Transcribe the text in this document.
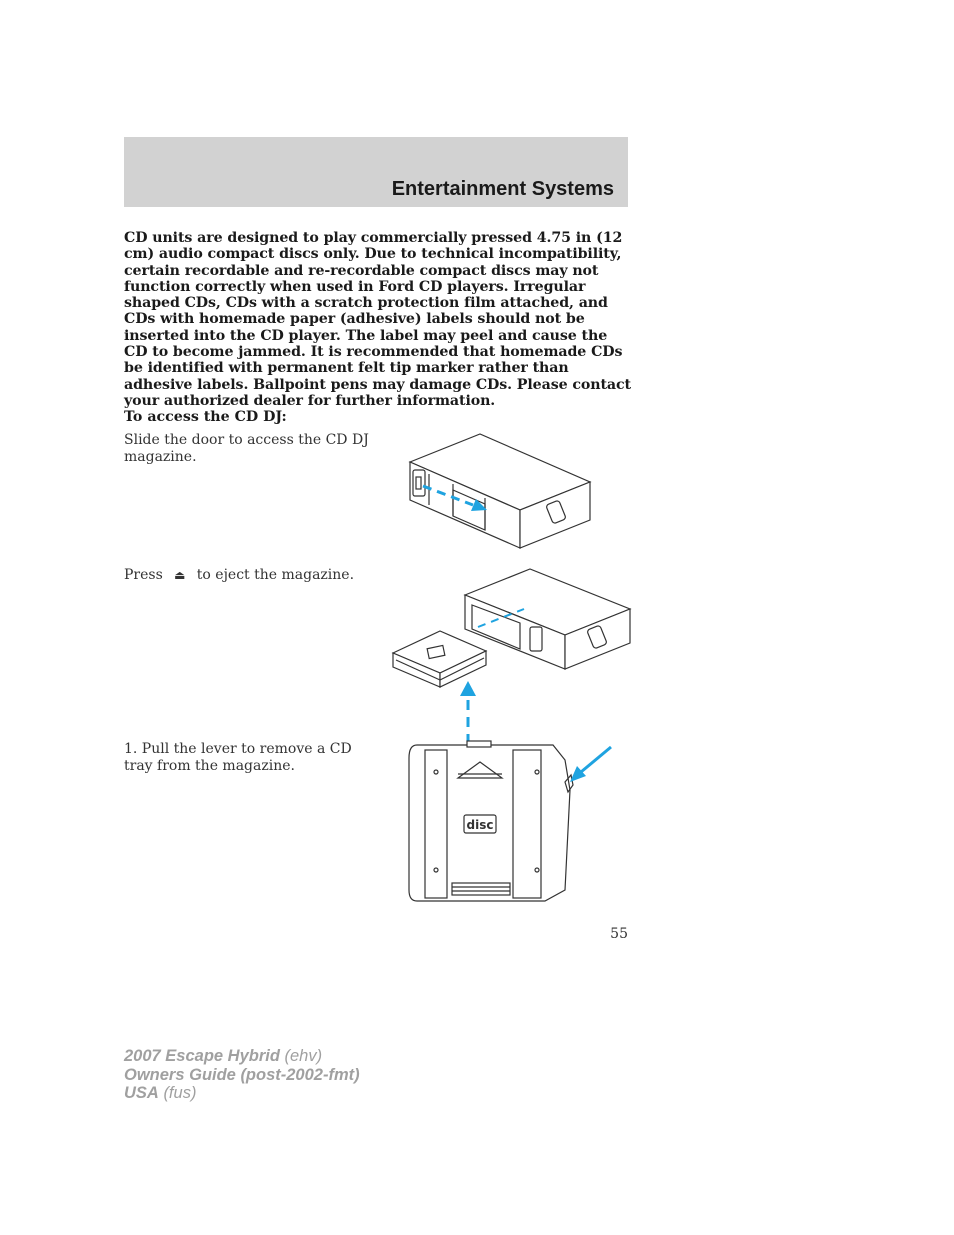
Entertainment Systems
CD units are designed to play commercially pressed 4.75 in (12 cm) audio compact discs only. Due to technical incompatibility, certain recordable and re-recordable compact discs may not function correctly when used in Ford CD players. Irregular shaped CDs, CDs with a scratch protection film attached, and CDs with homemade paper (adhesive) labels should not be inserted into the CD player. The label may peel and cause the CD to become jammed. It is recommended that homemade CDs be identified with permanent felt tip marker rather than adhesive labels. Ballpoint pens may damage CDs. Please contact your authorized dealer for further information.
To access the CD DJ:
Slide the door to access the CD DJ magazine.
Press ⏏ to eject the magazine.
1. Pull the lever to remove a CD tray from the magazine.
disc
55
2007 Escape Hybrid (ehv)
Owners Guide (post-2002-fmt)
USA (fus)
